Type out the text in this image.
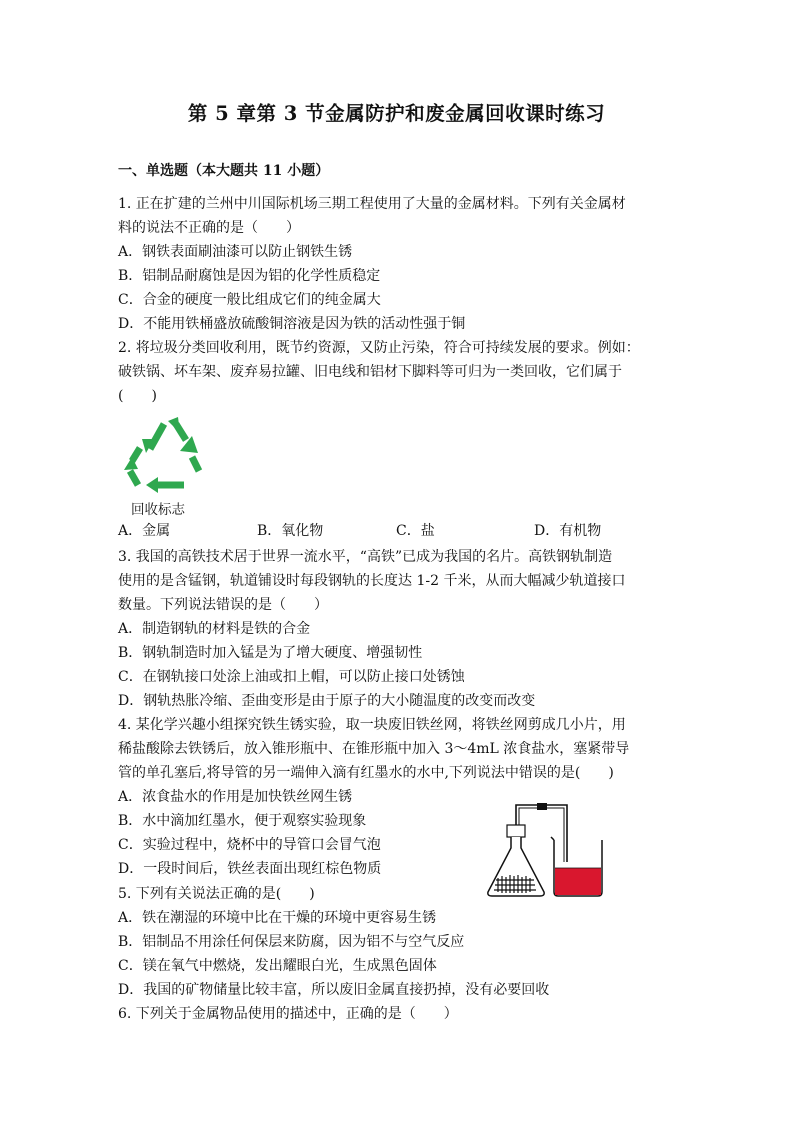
第 5 章第 3 节金属防护和废金属回收课时练习
一、单选题（本大题共 11 小题）
1. 正在扩建的兰州中川国际机场三期工程使用了大量的金属材料。下列有关金属材
料的说法不正确的是（　　）
A．钢铁表面刷油漆可以防止钢铁生锈
B．铝制品耐腐蚀是因为铝的化学性质稳定
C．合金的硬度一般比组成它们的纯金属大
D．不能用铁桶盛放硫酸铜溶液是因为铁的活动性强于铜
2. 将垃圾分类回收利用，既节约资源，又防止污染，符合可持续发展的要求。例如：
破铁锅、坏车架、废弃易拉罐、旧电线和铝材下脚料等可归为一类回收，它们属于
(　　)
回收标志
A．金属	B．氧化物	C．盐	D．有机物
3. 我国的高铁技术居于世界一流水平，“高铁”已成为我国的名片。高铁钢轨制造
使用的是含锰钢，轨道铺设时每段钢轨的长度达 1-2 千米，从而大幅减少轨道接口
数量。下列说法错误的是（　　）
A．制造钢轨的材料是铁的合金
B．钢轨制造时加入锰是为了增大硬度、增强韧性
C．在钢轨接口处涂上油或扣上帽，可以防止接口处锈蚀
D．钢轨热胀冷缩、歪曲变形是由于原子的大小随温度的改变而改变
4. 某化学兴趣小组探究铁生锈实验，取一块废旧铁丝网，将铁丝网剪成几小片，用
稀盐酸除去铁锈后，放入锥形瓶中、在锥形瓶中加入 3～4mL 浓食盐水，塞紧带导
管的单孔塞后,将导管的另一端伸入滴有红墨水的水中,下列说法中错误的是(　　)
A．浓食盐水的作用是加快铁丝网生锈
B．水中滴加红墨水，便于观察实验现象
C．实验过程中，烧杯中的导管口会冒气泡
D．一段时间后，铁丝表面出现红棕色物质
5. 下列有关说法正确的是(　　)
A．铁在潮湿的环境中比在干燥的环境中更容易生锈
B．铝制品不用涂任何保层来防腐，因为铝不与空气反应
C．镁在氧气中燃烧，发出耀眼白光，生成黑色固体
D．我国的矿物储量比较丰富，所以废旧金属直接扔掉，没有必要回收
6. 下列关于金属物品使用的描述中，正确的是（　　）
